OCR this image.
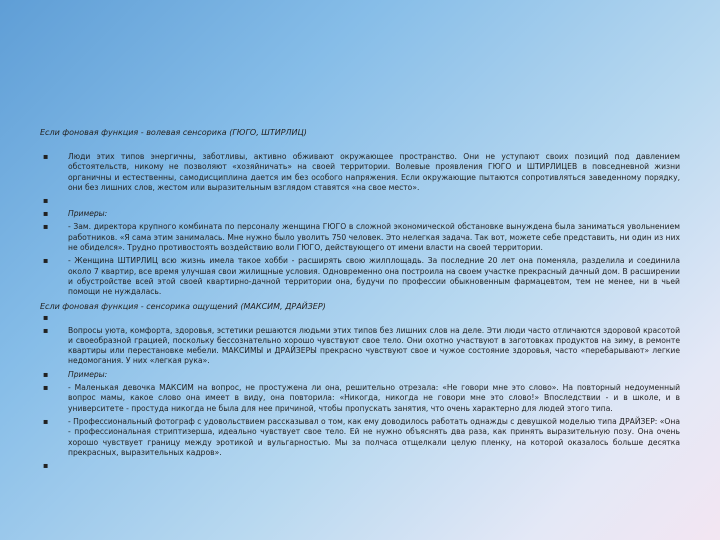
Если фоновая функция - волевая сенсорика (ГЮГО, ШТИРЛИЦ)
▪	Люди этих типов энергичны, заботливы, активно обживают окружающее пространство. Они не уступают своих позиций под давлением обстоятельств, никому не позволяют «хозяйничать» на своей территории. Волевые проявления ГЮГО и ШТИРЛИЦЕВ в повседневной жизни органичны и естественны, самодисциплина дается им без особого напряжения. Если окружающие пытаются сопротивляться заведенному порядку, они без лишних слов, жестом или выразительным взглядом ставятся «на свое место».
▪
▪	Примеры:
▪	- Зам. директора крупного комбината по персоналу женщина ГЮГО в сложной экономической обстановке вынуждена была заниматься увольнением работников. «Я сама этим занималась. Мне нужно было уволить 750 человек. Это нелегкая задача. Так вот, можете себе представить, ни один из них не обиделся». Трудно противостоять воздействию воли ГЮГО, действующего от имени власти на своей территории.
▪	- Женщина ШТИРЛИЦ всю жизнь имела такое хобби - расширять свою жилплощадь. За последние 20 лет она поменяла, разделила и соединила около 7 квартир, все время улучшая свои жилищные условия. Одновременно она построила на своем участке прекрасный дачный дом. В расширении и обустройстве всей этой своей квартирно-дачной территории она, будучи по профессии обыкновенным фармацевтом, тем не менее, ни в чьей помощи не нуждалась.
Если фоновая функция - сенсорика ощущений (МАКСИМ, ДРАЙЗЕР)
▪
▪	Вопросы уюта, комфорта, здоровья, эстетики решаются людьми этих типов без лишних слов на деле. Эти люди часто отличаются здоровой красотой и своеобразной грацией, поскольку бессознательно хорошо чувствуют свое тело. Они охотно участвуют в заготовках продуктов на зиму, в ремонте квартиры или перестановке мебели. МАКСИМЫ и ДРАЙЗЕРЫ прекрасно чувствуют свое и чужое состояние здоровья, часто «перебарывают» легкие недомогания. У них «легкая рука».
▪	Примеры:
▪	- Маленькая девочка МАКСИМ на вопрос, не простужена ли она, решительно отрезала: «Не говори мне это слово». На повторный недоуменный вопрос мамы, какое слово она имеет в виду, она повторила: «Никогда, никогда не говори мне это слово!» Впоследствии - и в школе, и в университете - простуда никогда не была для нее причиной, чтобы пропускать занятия, что очень характерно для людей этого типа.
▪	- Профессиональный фотограф с удовольствием рассказывал о том, как ему доводилось работать однажды с девушкой моделью типа ДРАЙЗЕР: «Она - профессиональная стриптизерша, идеально чувствует свое тело. Ей не нужно объяснять два раза, как принять выразительную позу. Она очень хорошо чувствует границу между эротикой и вульгарностью. Мы за полчаса отщелкали целую пленку, на которой оказалось больше десятка прекрасных, выразительных кадров».
▪
